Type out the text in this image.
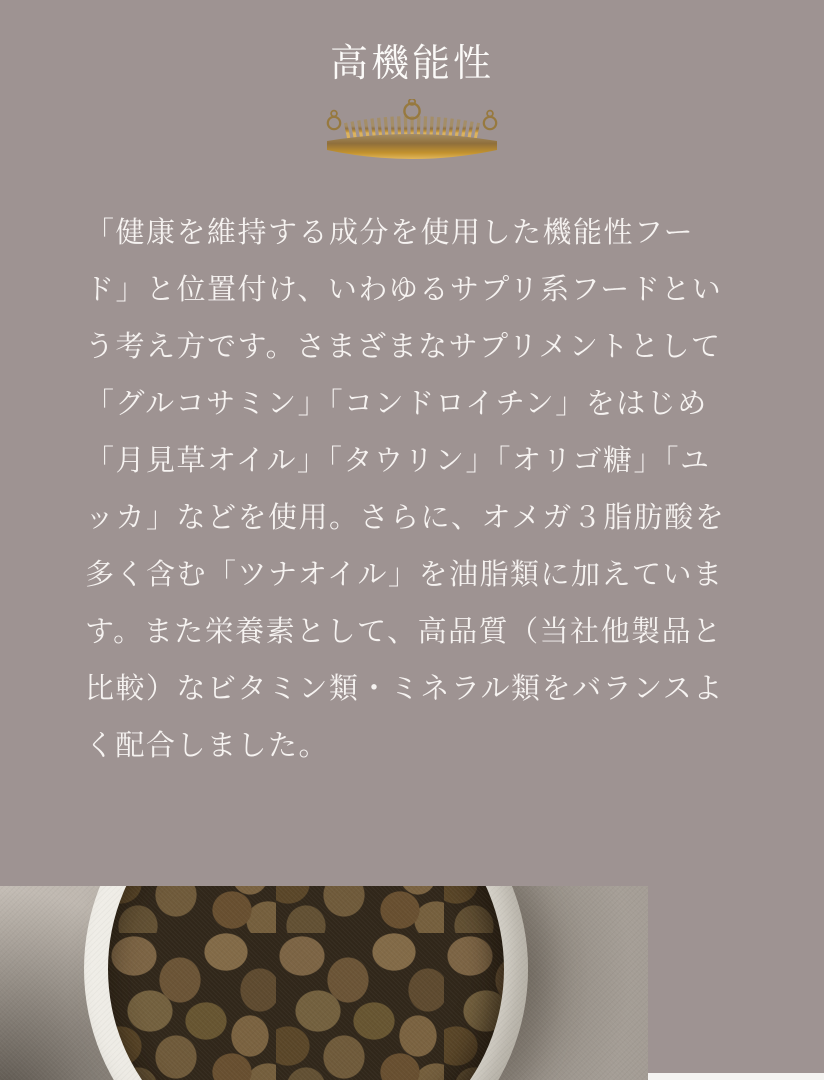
高機能性

「健康を維持する成分を使用した機能性フード」と位置付け、いわゆるサプリ系フードという考え方です。さまざまなサプリメントとして「グルコサミン」「コンドロイチン」をはじめ「月見草オイル」「タウリン」「オリゴ糖」「ユッカ」などを使用。さらに、オメガ３脂肪酸を多く含む「ツナオイル」を油脂類に加えています。また栄養素として、高品質（当社他製品と比較）なビタミン類・ミネラル類をバランスよく配合しました。
